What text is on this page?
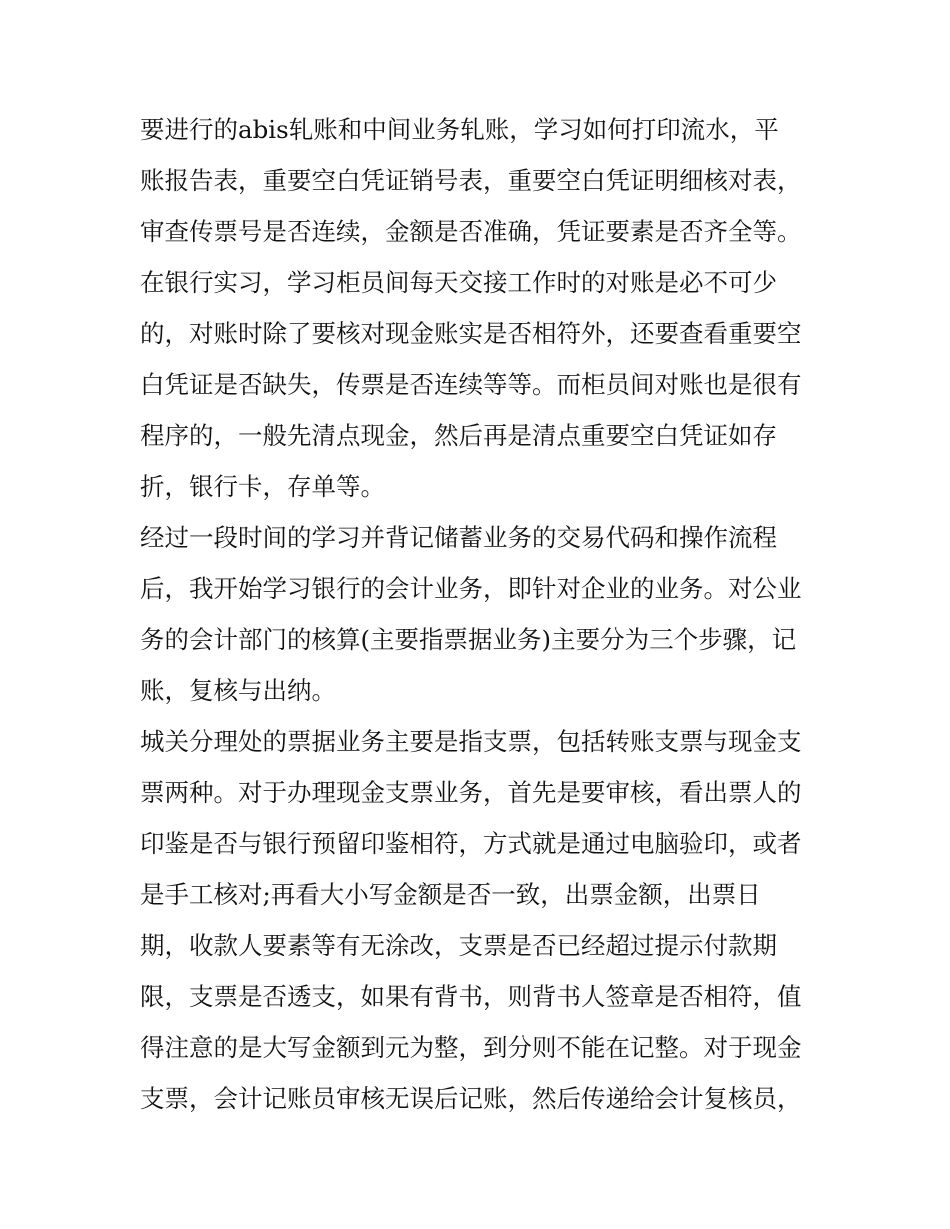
要进行的abis轧账和中间业务轧账，学习如何打印流水，平
账报告表，重要空白凭证销号表，重要空白凭证明细核对表，
审查传票号是否连续，金额是否准确，凭证要素是否齐全等。
在银行实习，学习柜员间每天交接工作时的对账是必不可少
的，对账时除了要核对现金账实是否相符外，还要查看重要空
白凭证是否缺失，传票是否连续等等。而柜员间对账也是很有
程序的，一般先清点现金，然后再是清点重要空白凭证如存
折，银行卡，存单等。
经过一段时间的学习并背记储蓄业务的交易代码和操作流程
后，我开始学习银行的会计业务，即针对企业的业务。对公业
务的会计部门的核算(主要指票据业务)主要分为三个步骤，记
账，复核与出纳。
城关分理处的票据业务主要是指支票，包括转账支票与现金支
票两种。对于办理现金支票业务，首先是要审核，看出票人的
印鉴是否与银行预留印鉴相符，方式就是通过电脑验印，或者
是手工核对;再看大小写金额是否一致，出票金额，出票日
期，收款人要素等有无涂改，支票是否已经超过提示付款期
限，支票是否透支，如果有背书，则背书人签章是否相符，值
得注意的是大写金额到元为整，到分则不能在记整。对于现金
支票，会计记账员审核无误后记账，然后传递给会计复核员，
